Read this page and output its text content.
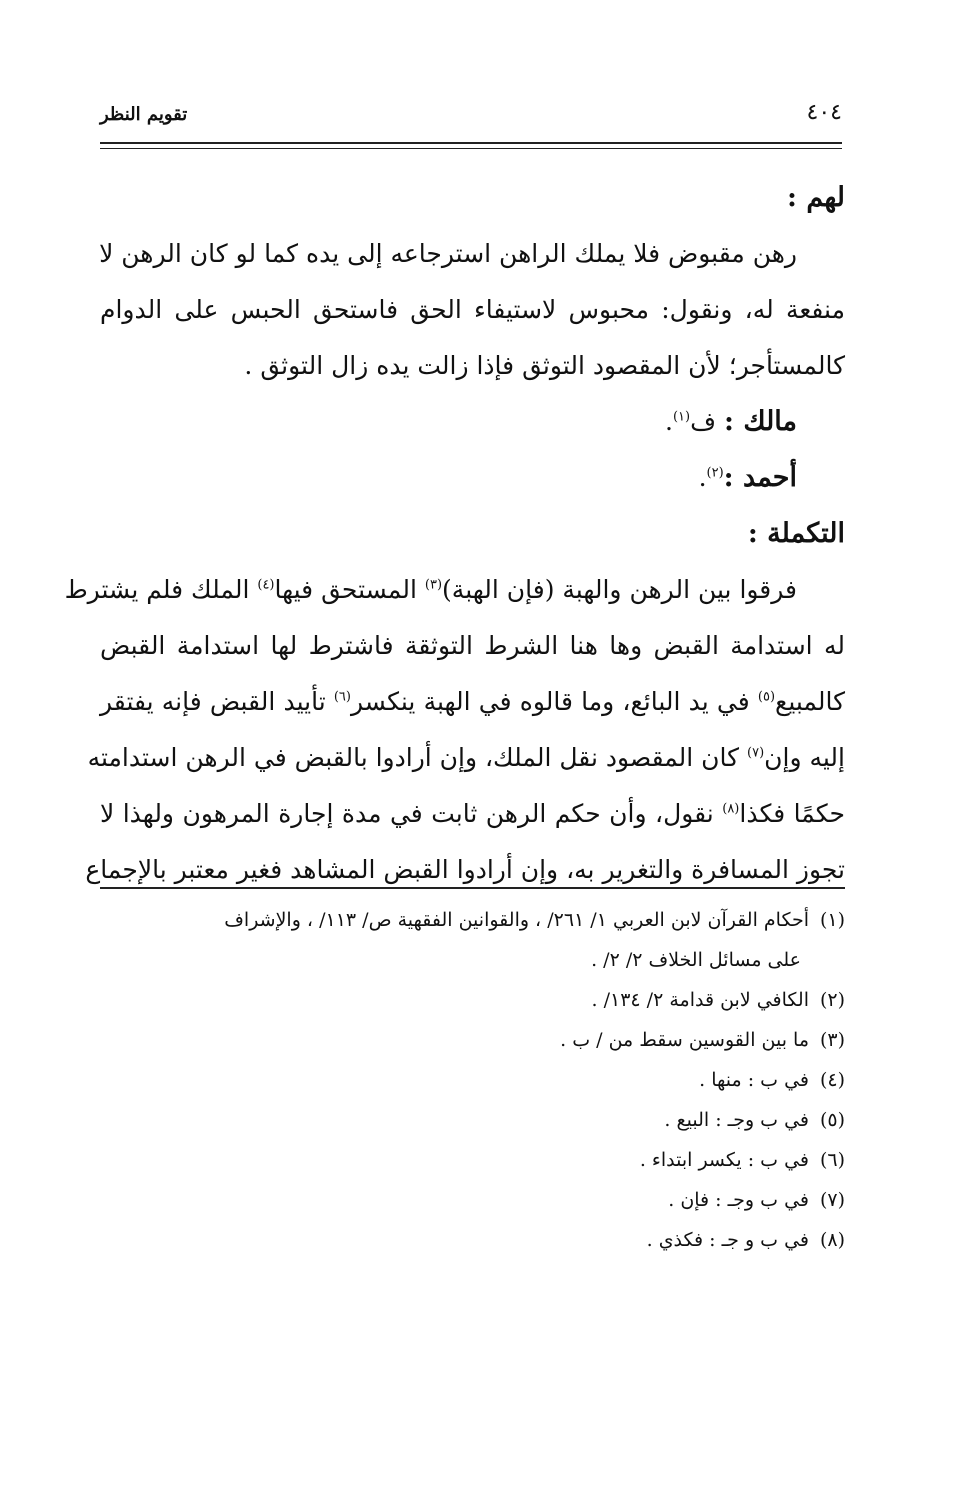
٤٠٤
تقويم النظر
لهم :
رهن مقبوض فلا يملك الراهن استرجاعه إلى يده كما لو كان الرهن لا
منفعة له، ونقول: محبوس لاستيفاء الحق فاستحق الحبس على الدوام
كالمستأجر؛ لأن المقصود التوثق فإذا زالت يده زال التوثق .
مالك : ف$^{(١)}$.
أحمد :$^{(٢)}$.
التكملة :
فرقوا بين الرهن والهبة (فإن الهبة)$^{(٣)}$ المستحق فيها$^{(٤)}$ الملك فلم يشترط
له استدامة القبض وها هنا الشرط التوثقة فاشترط لها استدامة القبض
كالمبيع$^{(٥)}$ في يد البائع، وما قالوه في الهبة ينكسر$^{(٦)}$ تأييد القبض فإنه يفتقر
إليه وإن$^{(٧)}$ كان المقصود نقل الملك، وإن أرادوا بالقبض في الرهن استدامته
حكمًا فكذا$^{(٨)}$ نقول، وأن حكم الرهن ثابت في مدة إجارة المرهون ولهذا لا
تجوز المسافرة والتغرير به، وإن أرادوا القبض المشاهد فغير معتبر بالإجماع
(١)أحكام القرآن لابن العربي ١/ ٢٦١/ ، والقوانين الفقهية ص/ ١١٣/ ، والإشراف
على مسائل الخلاف ٢/ ٢/ .
(٢)الكافي لابن قدامة ٢/ ١٣٤/ .
(٣)ما بين القوسين سقط من / ب .
(٤)في ب : منها .
(٥)في ب وجـ : البيع .
(٦)في ب : يكسر ابتداء .
(٧)في ب وجـ : فإن .
(٨)في ب و جـ : فكذي .
